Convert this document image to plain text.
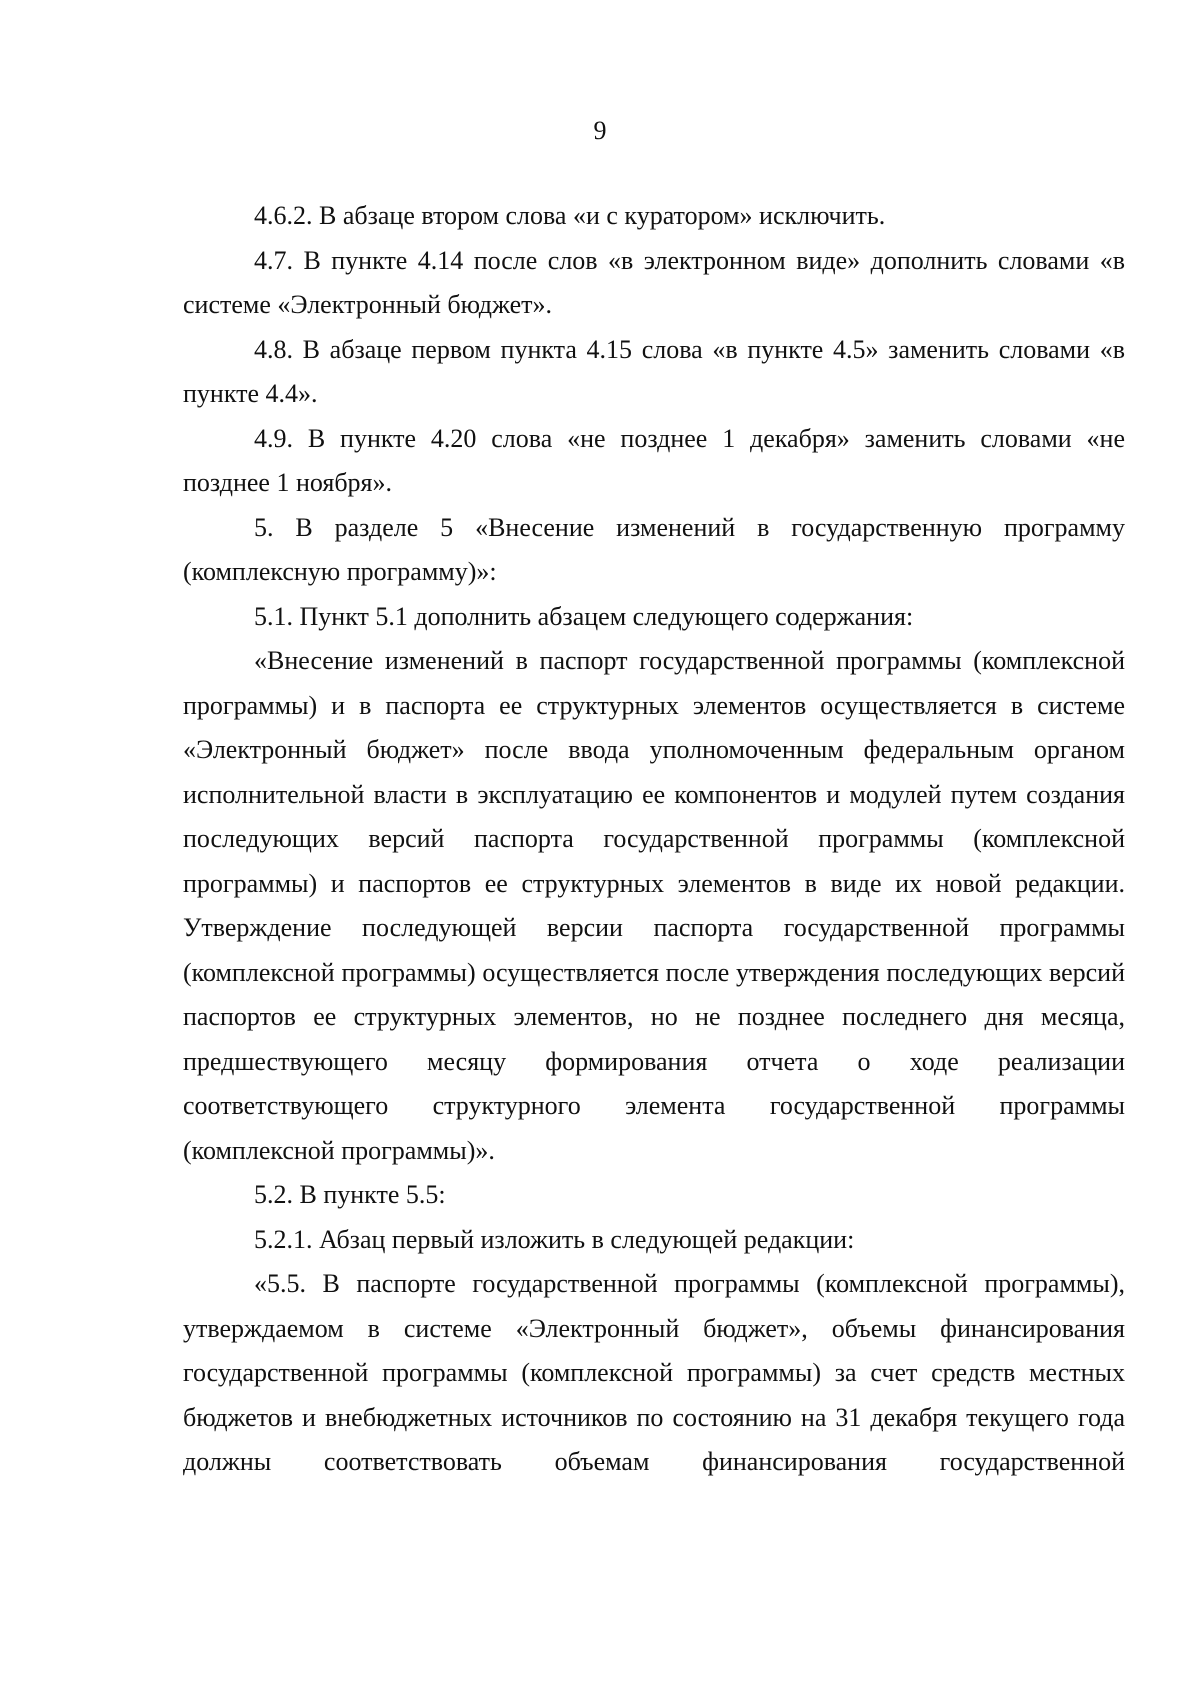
9

4.6.2. В абзаце втором слова «и с куратором» исключить.

4.7. В пункте 4.14 после слов «в электронном виде» дополнить словами «в системе «Электронный бюджет».

4.8. В абзаце первом пункта 4.15 слова «в пункте 4.5» заменить словами «в пункте 4.4».

4.9. В пункте 4.20 слова «не позднее 1 декабря» заменить словами «не позднее 1 ноября».

5. В разделе 5 «Внесение изменений в государственную программу (комплексную программу)»:

5.1. Пункт 5.1 дополнить абзацем следующего содержания:

«Внесение изменений в паспорт государственной программы (комплексной программы) и в паспорта ее структурных элементов осуществляется в системе «Электронный бюджет» после ввода уполномоченным федеральным органом исполнительной власти в эксплуатацию ее компонентов и модулей путем создания последующих версий паспорта государственной программы (комплексной программы) и паспортов ее структурных элементов в виде их новой редакции. Утверждение последующей версии паспорта государственной программы (комплексной программы) осуществляется после утверждения последующих версий паспортов ее структурных элементов, но не позднее последнего дня месяца, предшествующего месяцу формирования отчета о ходе реализации соответствующего структурного элемента государственной программы (комплексной программы)».

5.2. В пункте 5.5:

5.2.1. Абзац первый изложить в следующей редакции:

«5.5. В паспорте государственной программы (комплексной программы), утверждаемом в системе «Электронный бюджет», объемы финансирования государственной программы (комплексной программы) за счет средств местных бюджетов и внебюджетных источников по состоянию на 31 декабря текущего года должны соответствовать объемам финансирования государственной
